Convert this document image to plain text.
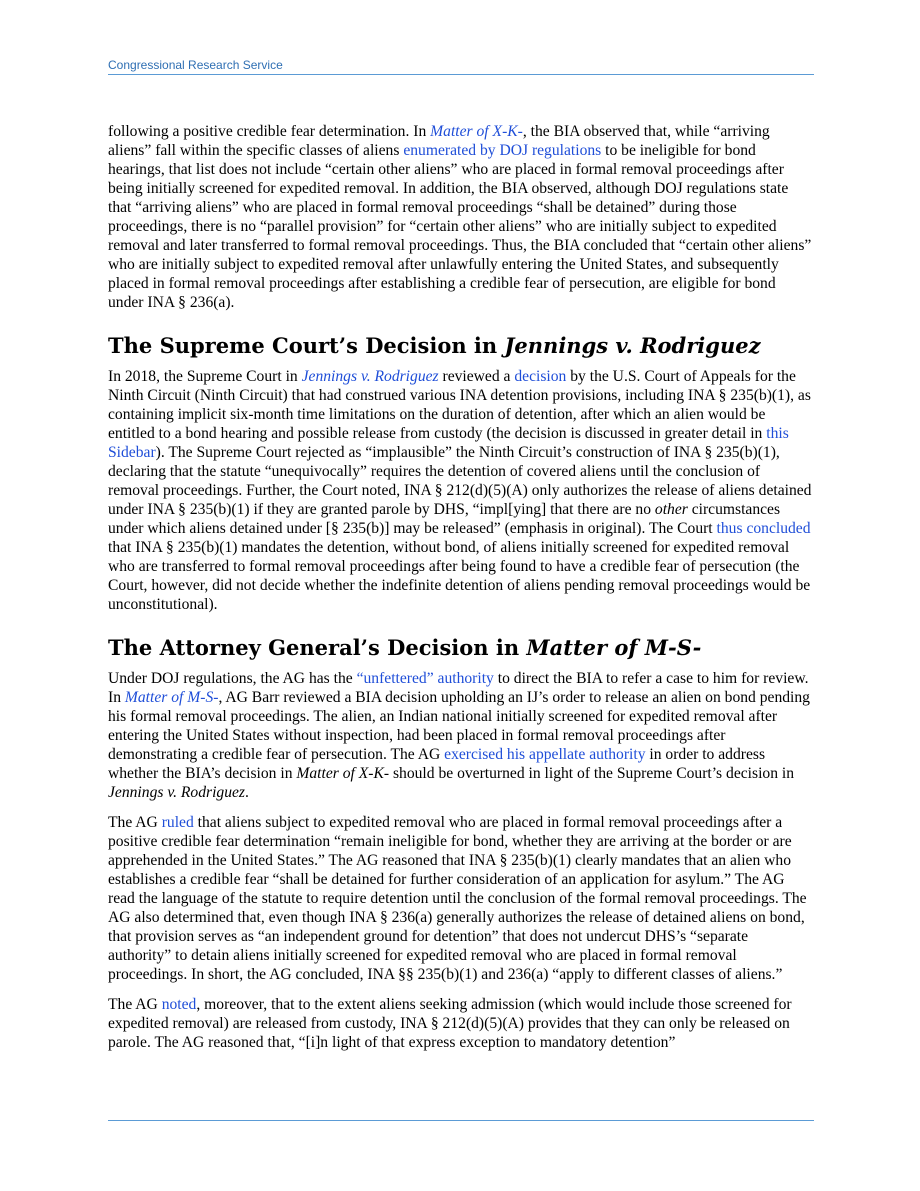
Congressional Research Service

following a positive credible fear determination. In Matter of X-K-, the BIA observed that, while “arriving aliens” fall within the specific classes of aliens enumerated by DOJ regulations to be ineligible for bond hearings, that list does not include “certain other aliens” who are placed in formal removal proceedings after being initially screened for expedited removal. In addition, the BIA observed, although DOJ regulations state that “arriving aliens” who are placed in formal removal proceedings “shall be detained” during those proceedings, there is no “parallel provision” for “certain other aliens” who are initially subject to expedited removal and later transferred to formal removal proceedings. Thus, the BIA concluded that “certain other aliens” who are initially subject to expedited removal after unlawfully entering the United States, and subsequently placed in formal removal proceedings after establishing a credible fear of persecution, are eligible for bond under INA § 236(a).

The Supreme Court’s Decision in Jennings v. Rodriguez

In 2018, the Supreme Court in Jennings v. Rodriguez reviewed a decision by the U.S. Court of Appeals for the Ninth Circuit (Ninth Circuit) that had construed various INA detention provisions, including INA § 235(b)(1), as containing implicit six-month time limitations on the duration of detention, after which an alien would be entitled to a bond hearing and possible release from custody (the decision is discussed in greater detail in this Sidebar). The Supreme Court rejected as “implausible” the Ninth Circuit’s construction of INA § 235(b)(1), declaring that the statute “unequivocally” requires the detention of covered aliens until the conclusion of removal proceedings. Further, the Court noted, INA § 212(d)(5)(A) only authorizes the release of aliens detained under INA § 235(b)(1) if they are granted parole by DHS, “impl[ying] that there are no other circumstances under which aliens detained under [§ 235(b)] may be released” (emphasis in original). The Court thus concluded that INA § 235(b)(1) mandates the detention, without bond, of aliens initially screened for expedited removal who are transferred to formal removal proceedings after being found to have a credible fear of persecution (the Court, however, did not decide whether the indefinite detention of aliens pending removal proceedings would be unconstitutional).

The Attorney General’s Decision in Matter of M-S-

Under DOJ regulations, the AG has the “unfettered” authority to direct the BIA to refer a case to him for review. In Matter of M-S-, AG Barr reviewed a BIA decision upholding an IJ’s order to release an alien on bond pending his formal removal proceedings. The alien, an Indian national initially screened for expedited removal after entering the United States without inspection, had been placed in formal removal proceedings after demonstrating a credible fear of persecution. The AG exercised his appellate authority in order to address whether the BIA’s decision in Matter of X-K- should be overturned in light of the Supreme Court’s decision in Jennings v. Rodriguez.

The AG ruled that aliens subject to expedited removal who are placed in formal removal proceedings after a positive credible fear determination “remain ineligible for bond, whether they are arriving at the border or are apprehended in the United States.” The AG reasoned that INA § 235(b)(1) clearly mandates that an alien who establishes a credible fear “shall be detained for further consideration of an application for asylum.” The AG read the language of the statute to require detention until the conclusion of the formal removal proceedings. The AG also determined that, even though INA § 236(a) generally authorizes the release of detained aliens on bond, that provision serves as “an independent ground for detention” that does not undercut DHS’s “separate authority” to detain aliens initially screened for expedited removal who are placed in formal removal proceedings. In short, the AG concluded, INA §§ 235(b)(1) and 236(a) “apply to different classes of aliens.”

The AG noted, moreover, that to the extent aliens seeking admission (which would include those screened for expedited removal) are released from custody, INA § 212(d)(5)(A) provides that they can only be released on parole. The AG reasoned that, “[i]n light of that express exception to mandatory detention”
